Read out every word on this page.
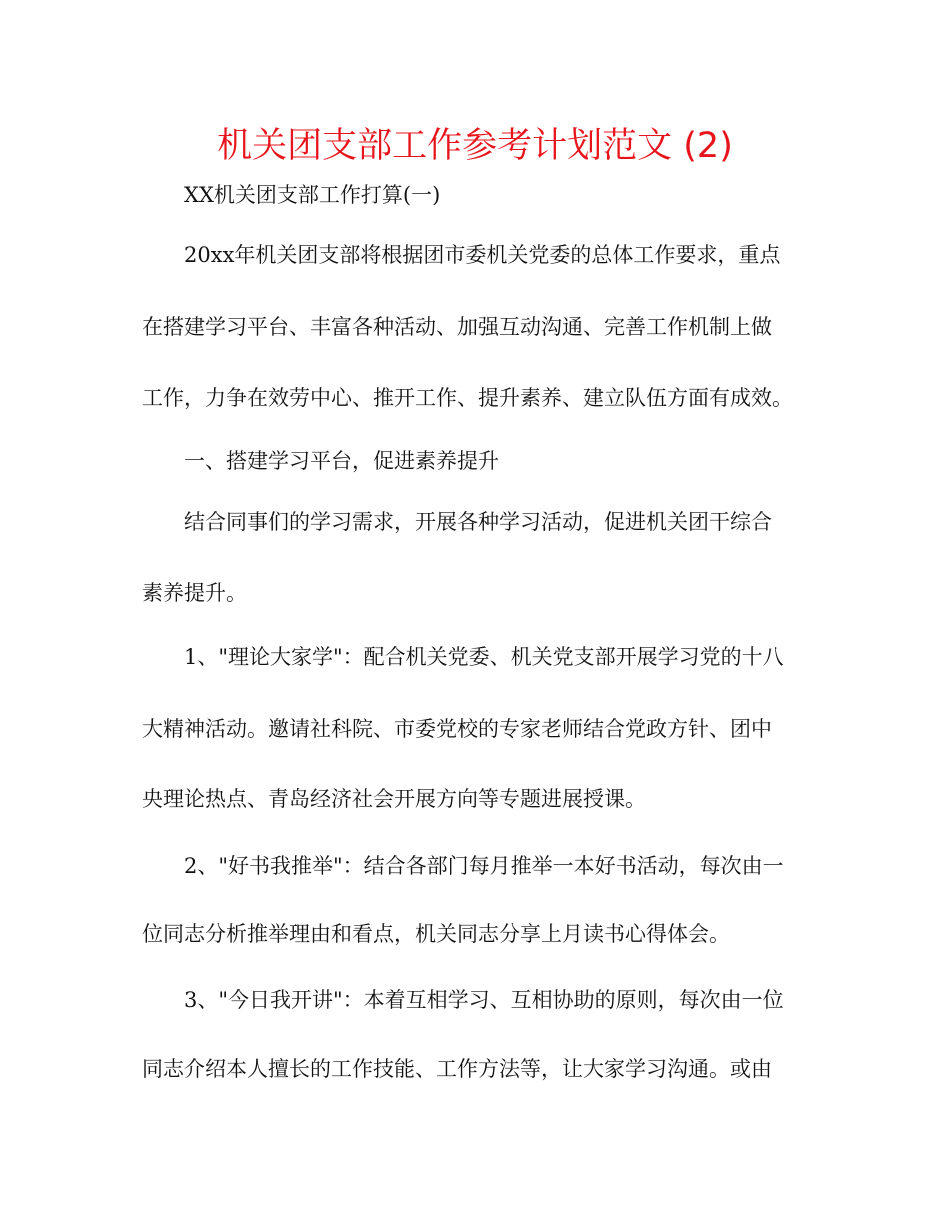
机关团支部工作参考计划范文 (2)
XX机关团支部工作打算(一)
20xx年机关团支部将根据团市委机关党委的总体工作要求，重点
在搭建学习平台、丰富各种活动、加强互动沟通、完善工作机制上做
工作，力争在效劳中心、推开工作、提升素养、建立队伍方面有成效。
一、搭建学习平台，促进素养提升
结合同事们的学习需求，开展各种学习活动，促进机关团干综合
素养提升。
1、"理论大家学"：配合机关党委、机关党支部开展学习党的十八
大精神活动。邀请社科院、市委党校的专家老师结合党政方针、团中
央理论热点、青岛经济社会开展方向等专题进展授课。
2、"好书我推举"：结合各部门每月推举一本好书活动，每次由一
位同志分析推举理由和看点，机关同志分享上月读书心得体会。
3、"今日我开讲"：本着互相学习、互相协助的原则，每次由一位
同志介绍本人擅长的工作技能、工作方法等，让大家学习沟通。或由
